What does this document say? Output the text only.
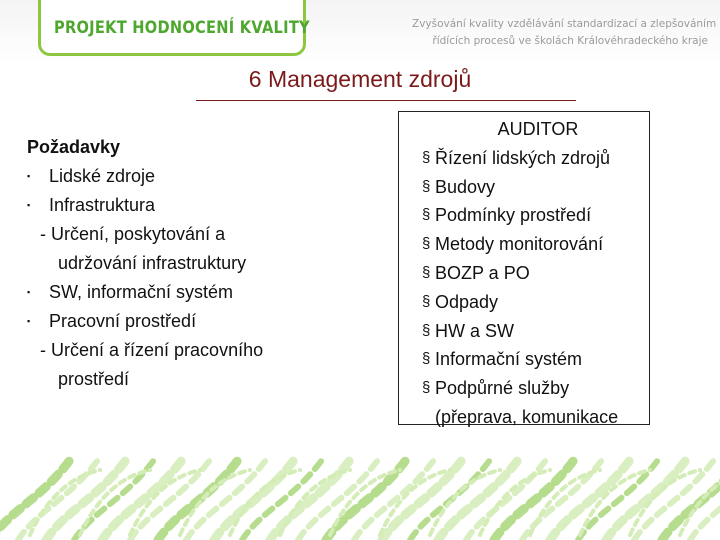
PROJEKT HODNOCENÍ KVALITY	Zvyšování kvality vzdělávání standardizací a zlepšováním
řídících procesů ve školách Královéhradeckého kraje
6 Management zdrojů
Požadavky
▪	Lidské zdroje
▪	Infrastruktura
- Určení, poskytování a
udržování infrastruktury
▪	SW, informační systém
▪	Pracovní prostředí
- Určení a řízení pracovního
prostředí
AUDITOR
§ Řízení lidských zdrojů
§ Budovy
§ Podmínky prostředí
§ Metody monitorování
§ BOZP a PO
§ Odpady
§ HW a SW
§ Informační systém
§ Podpůrné služby
(přeprava, komunikace
